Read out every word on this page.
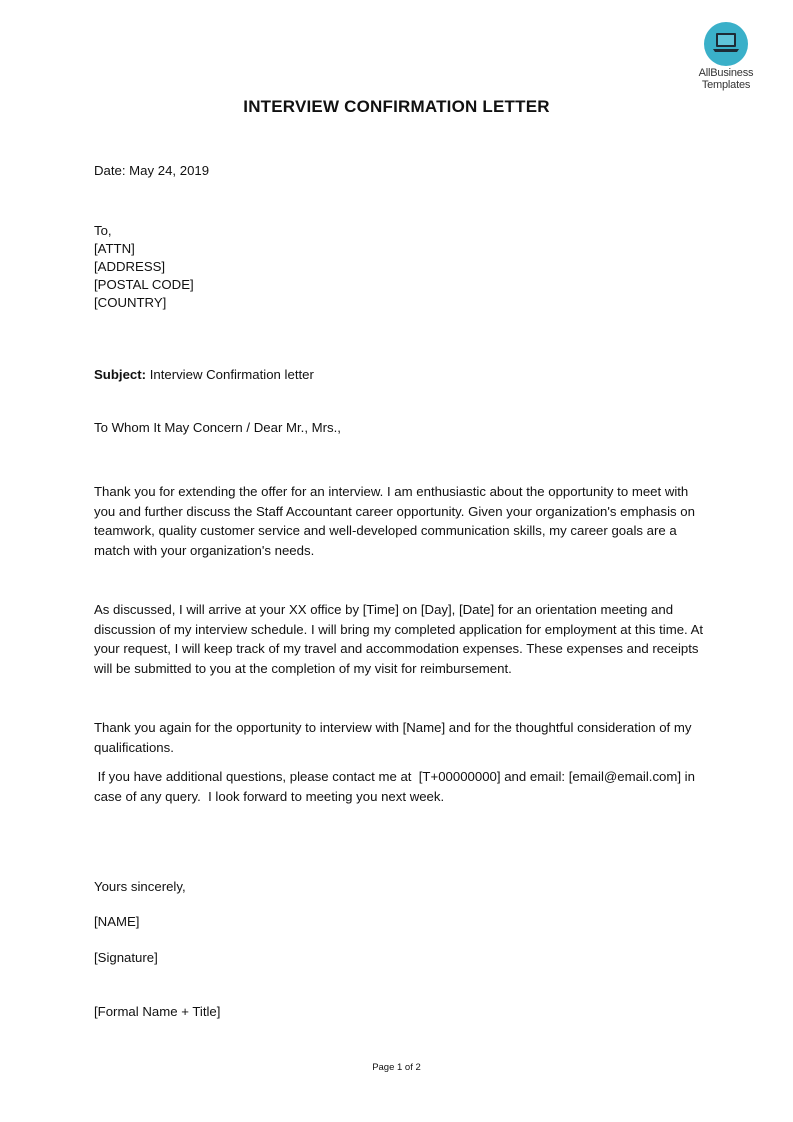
AllBusiness
Templates
INTERVIEW CONFIRMATION LETTER
Date: May 24, 2019
To,
[ATTN]
[ADDRESS]
[POSTAL CODE]
[COUNTRY]
Subject: Interview Confirmation letter
To Whom It May Concern / Dear Mr., Mrs.,
Thank you for extending the offer for an interview. I am enthusiastic about the opportunity to meet with you and further discuss the Staff Accountant career opportunity. Given your organization's emphasis on teamwork, quality customer service and well-developed communication skills, my career goals are a match with your organization's needs.
As discussed, I will arrive at your XX office by [Time] on [Day], [Date] for an orientation meeting and discussion of my interview schedule. I will bring my completed application for employment at this time. At your request, I will keep track of my travel and accommodation expenses. These expenses and receipts will be submitted to you at the completion of my visit for reimbursement.
Thank you again for the opportunity to interview with [Name] and for the thoughtful consideration of my qualifications.
If you have additional questions, please contact me at  [T+00000000] and email: [email@email.com] in case of any query.  I look forward to meeting you next week.
Yours sincerely,
[NAME]
[Signature]
[Formal Name + Title]
Page 1 of 2
